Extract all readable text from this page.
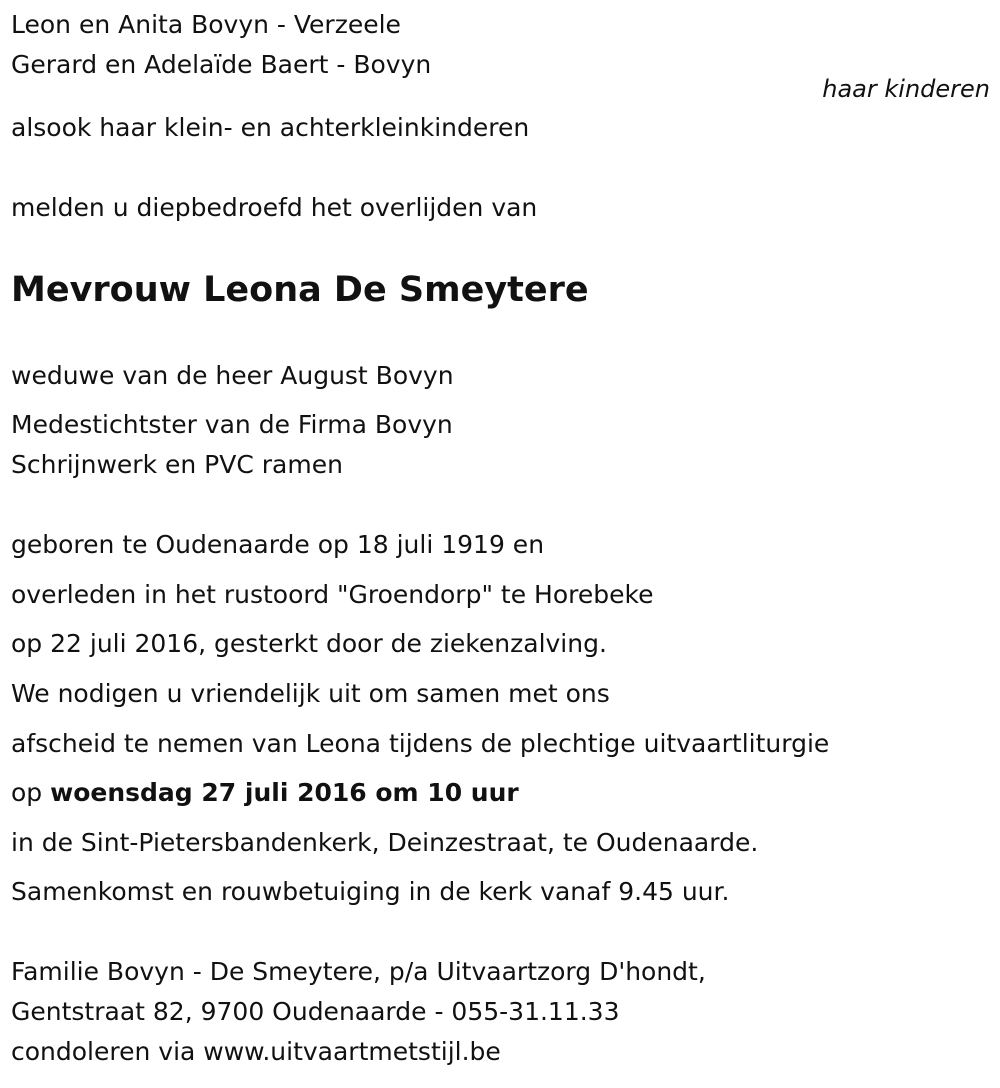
Leon en Anita Bovyn - Verzeele
Gerard en Adelaïde Baert - Bovyn
haar kinderen
alsook haar klein- en achterkleinkinderen
melden u diepbedroefd het overlijden van
Mevrouw Leona De Smeytere
weduwe van de heer August Bovyn
Medestichtster van de Firma Bovyn
Schrijnwerk en PVC ramen
geboren te Oudenaarde op 18 juli 1919 en
overleden in het rustoord "Groendorp" te Horebeke
op 22 juli 2016, gesterkt door de ziekenzalving.
We nodigen u vriendelijk uit om samen met ons
afscheid te nemen van Leona tijdens de plechtige uitvaartliturgie
op woensdag 27 juli 2016 om 10 uur
in de Sint-Pietersbandenkerk, Deinzestraat, te Oudenaarde.
Samenkomst en rouwbetuiging in de kerk vanaf 9.45 uur.
Familie Bovyn - De Smeytere, p/a Uitvaartzorg D'hondt,
Gentstraat 82, 9700 Oudenaarde - 055-31.11.33
condoleren via www.uitvaartmetstijl.be
